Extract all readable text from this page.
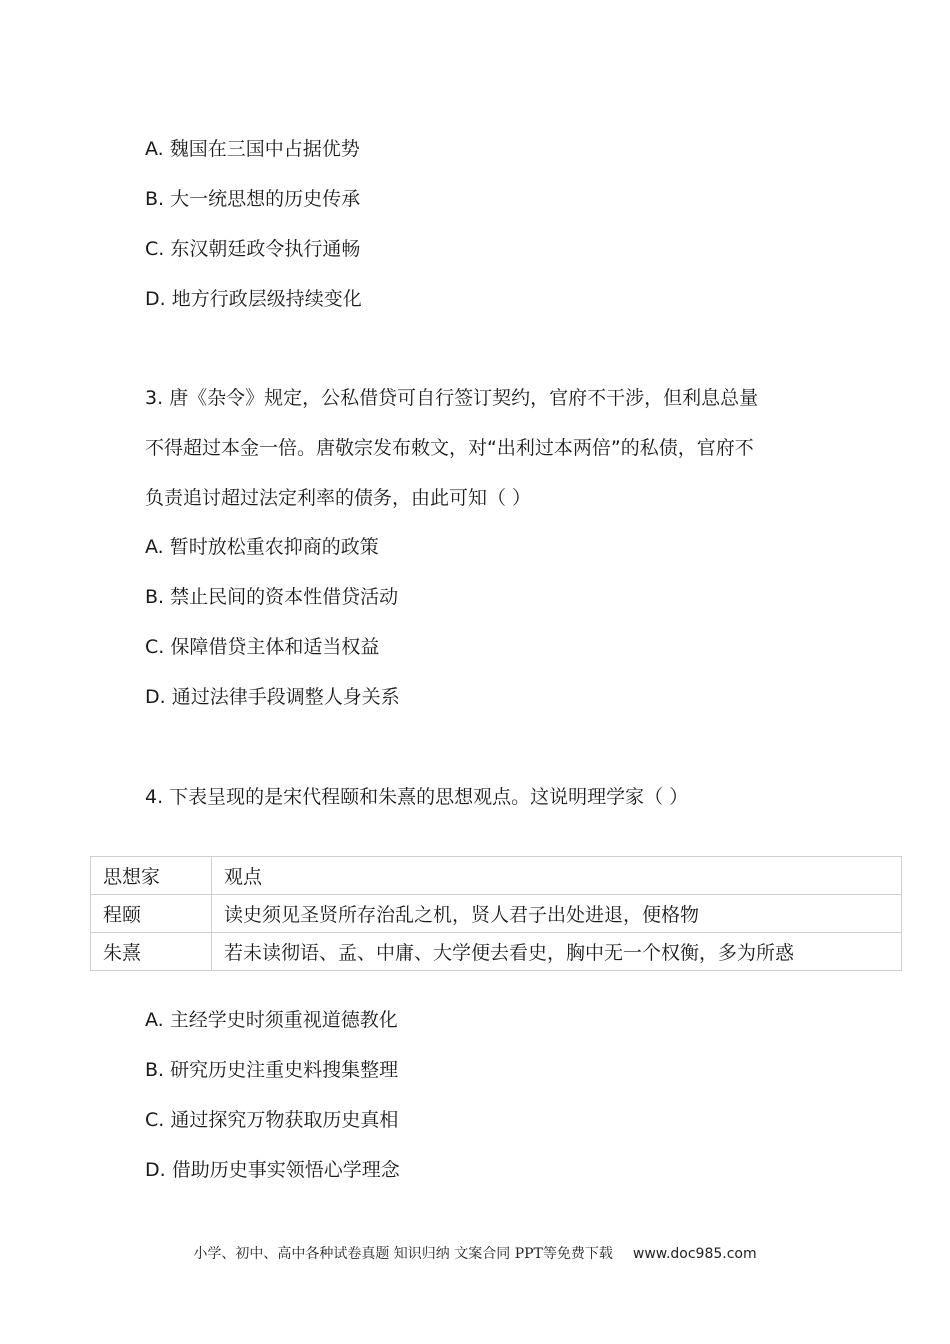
A. 魏国在三国中占据优势
B. 大一统思想的历史传承
C. 东汉朝廷政令执行通畅
D. 地方行政层级持续变化
3. 唐《杂令》规定，公私借贷可自行签订契约，官府不干涉，但利息总量
不得超过本金一倍。唐敬宗发布敕文，对“出利过本两倍”的私债，官府不
负责追讨超过法定利率的债务，由此可知（ ）
A. 暂时放松重农抑商的政策
B. 禁止民间的资本性借贷活动
C. 保障借贷主体和适当权益
D. 通过法律手段调整人身关系
4. 下表呈现的是宋代程颐和朱熹的思想观点。这说明理学家（ ）
思想家	观点
程颐	读史须见圣贤所存治乱之机，贤人君子出处进退，便格物
朱熹	若未读彻语、孟、中庸、大学便去看史，胸中无一个权衡，多为所惑
A. 主经学史时须重视道德教化
B. 研究历史注重史料搜集整理
C. 通过探究万物获取历史真相
D. 借助历史事实领悟心学理念
小学、初中、高中各种试卷真题 知识归纳 文案合同 PPT等免费下载 www.doc985.com
